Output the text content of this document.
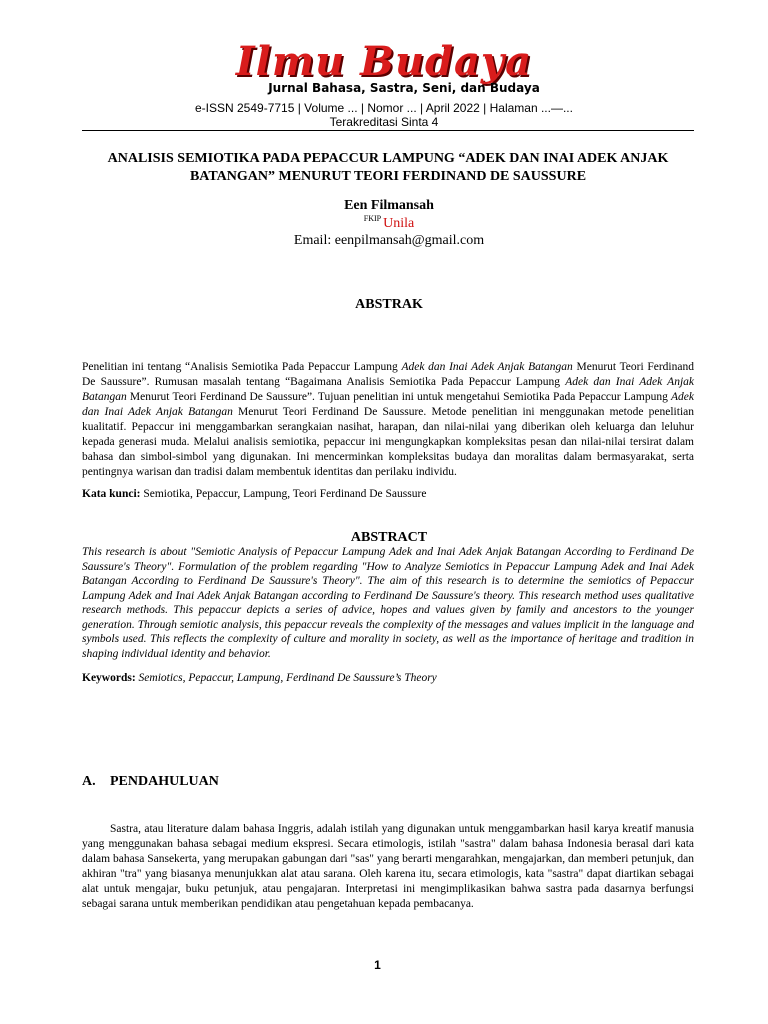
Ilmu Budaya
Jurnal Bahasa, Sastra, Seni, dan Budaya
e-ISSN 2549-7715 | Volume ... | Nomor ... | April 2022 | Halaman ...—...
Terakreditasi Sinta 4
ANALISIS SEMIOTIKA PADA PEPACCUR LAMPUNG “ADEK DAN INAI ADEK ANJAK BATANGAN” MENURUT TEORI FERDINAND DE SAUSSURE
Een Filmansah
$^{FKIP}$ Unila
Email: eenpilmansah@gmail.com
ABSTRAK
Penelitian ini tentang “Analisis Semiotika Pada Pepaccur Lampung Adek dan Inai Adek Anjak Batangan Menurut Teori Ferdinand De Saussure”. Rumusan masalah tentang “Bagaimana Analisis Semiotika Pada Pepaccur Lampung Adek dan Inai Adek Anjak Batangan Menurut Teori Ferdinand De Saussure”. Tujuan penelitian ini untuk mengetahui Semiotika Pada Pepaccur Lampung Adek dan Inai Adek Anjak Batangan Menurut Teori Ferdinand De Saussure. Metode penelitian ini menggunakan metode penelitian kualitatif. Pepaccur ini menggambarkan serangkaian nasihat, harapan, dan nilai-nilai yang diberikan oleh keluarga dan leluhur kepada generasi muda. Melalui analisis semiotika, pepaccur ini mengungkapkan kompleksitas pesan dan nilai-nilai tersirat dalam bahasa dan simbol-simbol yang digunakan. Ini mencerminkan kompleksitas budaya dan moralitas dalam bermasyarakat, serta pentingnya warisan dan tradisi dalam membentuk identitas dan perilaku individu.
Kata kunci: Semiotika, Pepaccur, Lampung, Teori Ferdinand De Saussure
ABSTRACT
This research is about "Semiotic Analysis of Pepaccur Lampung Adek and Inai Adek Anjak Batangan According to Ferdinand De Saussure's Theory". Formulation of the problem regarding "How to Analyze Semiotics in Pepaccur Lampung Adek and Inai Adek Batangan According to Ferdinand De Saussure's Theory". The aim of this research is to determine the semiotics of Pepaccur Lampung Adek and Inai Adek Anjak Batangan according to Ferdinand De Saussure's theory. This research method uses qualitative research methods. This pepaccur depicts a series of advice, hopes and values given by family and ancestors to the younger generation. Through semiotic analysis, this pepaccur reveals the complexity of the messages and values implicit in the language and symbols used. This reflects the complexity of culture and morality in society, as well as the importance of heritage and tradition in shaping individual identity and behavior.
Keywords: Semiotics, Pepaccur, Lampung, Ferdinand De Saussure’s Theory
A. PENDAHULUAN
Sastra, atau literature dalam bahasa Inggris, adalah istilah yang digunakan untuk menggambarkan hasil karya kreatif manusia yang menggunakan bahasa sebagai medium ekspresi. Secara etimologis, istilah "sastra" dalam bahasa Indonesia berasal dari kata dalam bahasa Sansekerta, yang merupakan gabungan dari "sas" yang berarti mengarahkan, mengajarkan, dan memberi petunjuk, dan akhiran "tra" yang biasanya menunjukkan alat atau sarana. Oleh karena itu, secara etimologis, kata "sastra" dapat diartikan sebagai alat untuk mengajar, buku petunjuk, atau pengajaran. Interpretasi ini mengimplikasikan bahwa sastra pada dasarnya berfungsi sebagai sarana untuk memberikan pendidikan atau pengetahuan kepada pembacanya.
1
